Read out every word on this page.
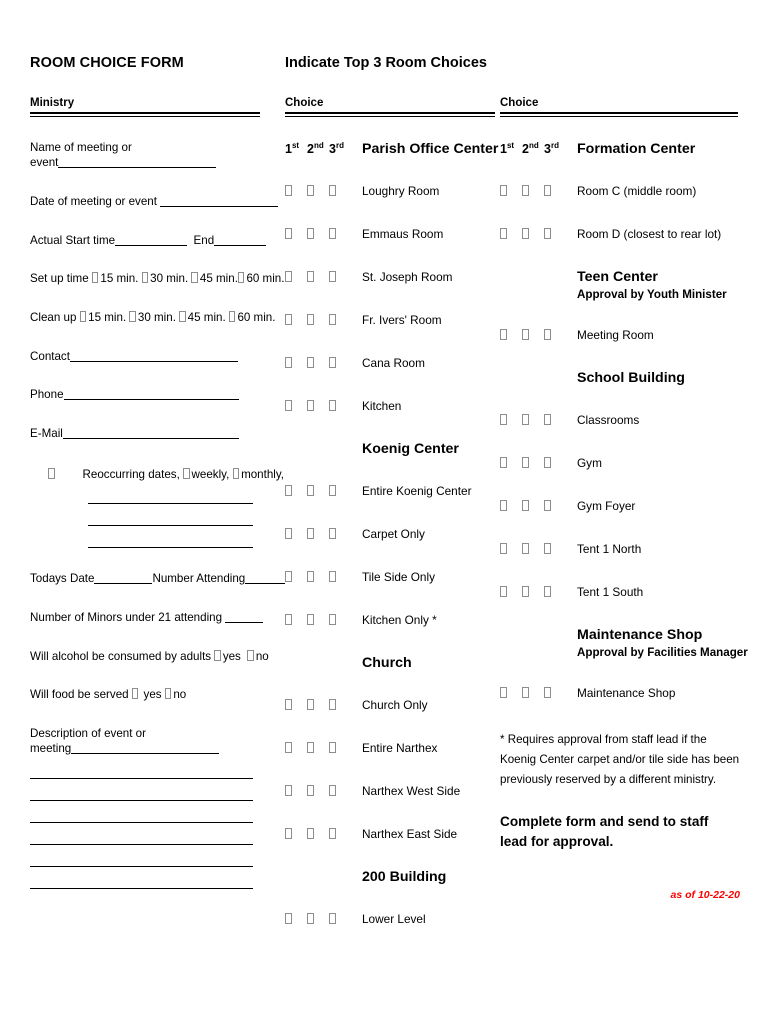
ROOM CHOICE FORM
Ministry
Name of meeting or
event
Date of meeting or event
Actual Start time	End
Set up time 15 min. 30 min. 45 min. 60 min.
Clean up 15 min. 30 min. 45 min. 60 min.
Contact
Phone
E-Mail
Reoccurring dates, weekly, monthly,
Todays Date	Number Attending
Number of Minors under 21 attending
Will alcohol be consumed by adults yes no
Will food be served  yes no
Description of event or
meeting
Indicate Top 3 Room Choices
Choice
1st 2nd 3rd	Parish Office Center
Loughry Room
Emmaus Room
St. Joseph Room
Fr. Ivers' Room
Cana Room
Kitchen
Koenig Center
Entire Koenig Center
Carpet Only
Tile Side Only
Kitchen Only *
Church
Church Only
Entire Narthex
Narthex West Side
Narthex East Side
200 Building
Lower Level
Choice
1st 2nd 3rd	Formation Center
Room C (middle room)
Room D (closest to rear lot)
Teen Center
Approval by Youth Minister
Meeting Room
School Building
Classrooms
Gym
Gym Foyer
Tent 1 North
Tent 1 South
Maintenance Shop
Approval by Facilities Manager
Maintenance Shop
* Requires approval from staff lead if the Koenig Center carpet and/or tile side has been previously reserved by a different ministry.
Complete form and send to staff lead for approval.
as of 10-22-20
